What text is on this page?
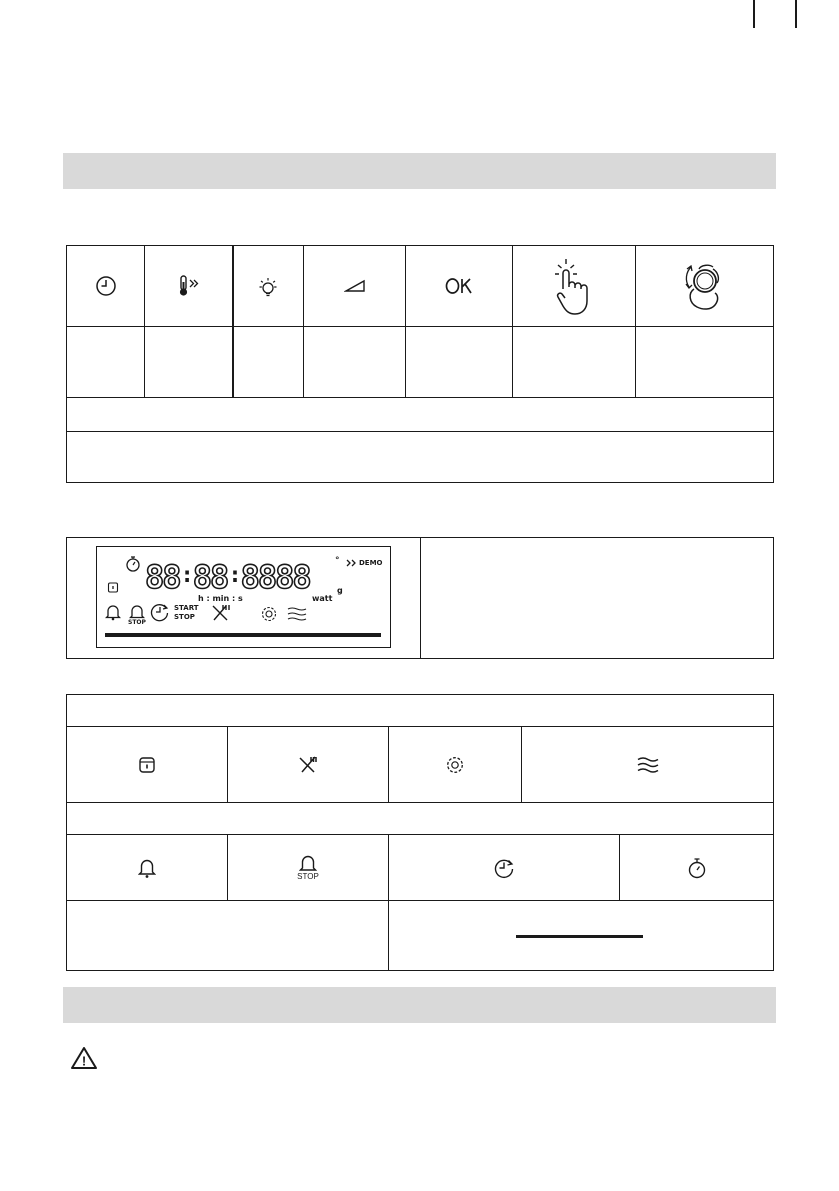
88:88:8888	°	DEMO
g
h : min : s	watt
STOP
START
STOP

STOP

!
